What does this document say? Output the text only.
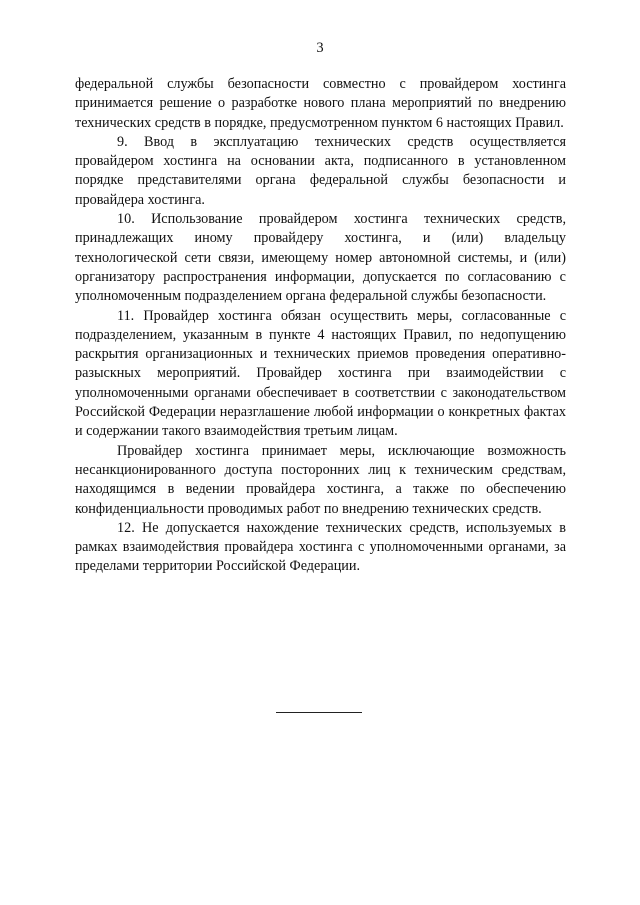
3

федеральной службы безопасности совместно с провайдером хостинга принимается решение о разработке нового плана мероприятий по внедрению технических средств в порядке, предусмотренном пунктом 6 настоящих Правил.

9. Ввод в эксплуатацию технических средств осуществляется провайдером хостинга на основании акта, подписанного в установленном порядке представителями органа федеральной службы безопасности и провайдера хостинга.

10. Использование провайдером хостинга технических средств, принадлежащих иному провайдеру хостинга, и (или) владельцу технологической сети связи, имеющему номер автономной системы, и (или) организатору распространения информации, допускается по согласованию с уполномоченным подразделением органа федеральной службы безопасности.

11. Провайдер хостинга обязан осуществить меры, согласованные с подразделением, указанным в пункте 4 настоящих Правил, по недопущению раскрытия организационных и технических приемов проведения оперативно-разыскных мероприятий. Провайдер хостинга при взаимодействии с уполномоченными органами обеспечивает в соответствии с законодательством Российской Федерации неразглашение любой информации о конкретных фактах и содержании такого взаимодействия третьим лицам.

Провайдер хостинга принимает меры, исключающие возможность несанкционированного доступа посторонних лиц к техническим средствам, находящимся в ведении провайдера хостинга, а также по обеспечению конфиденциальности проводимых работ по внедрению технических средств.

12. Не допускается нахождение технических средств, используемых в рамках взаимодействия провайдера хостинга с уполномоченными органами, за пределами территории Российской Федерации.
